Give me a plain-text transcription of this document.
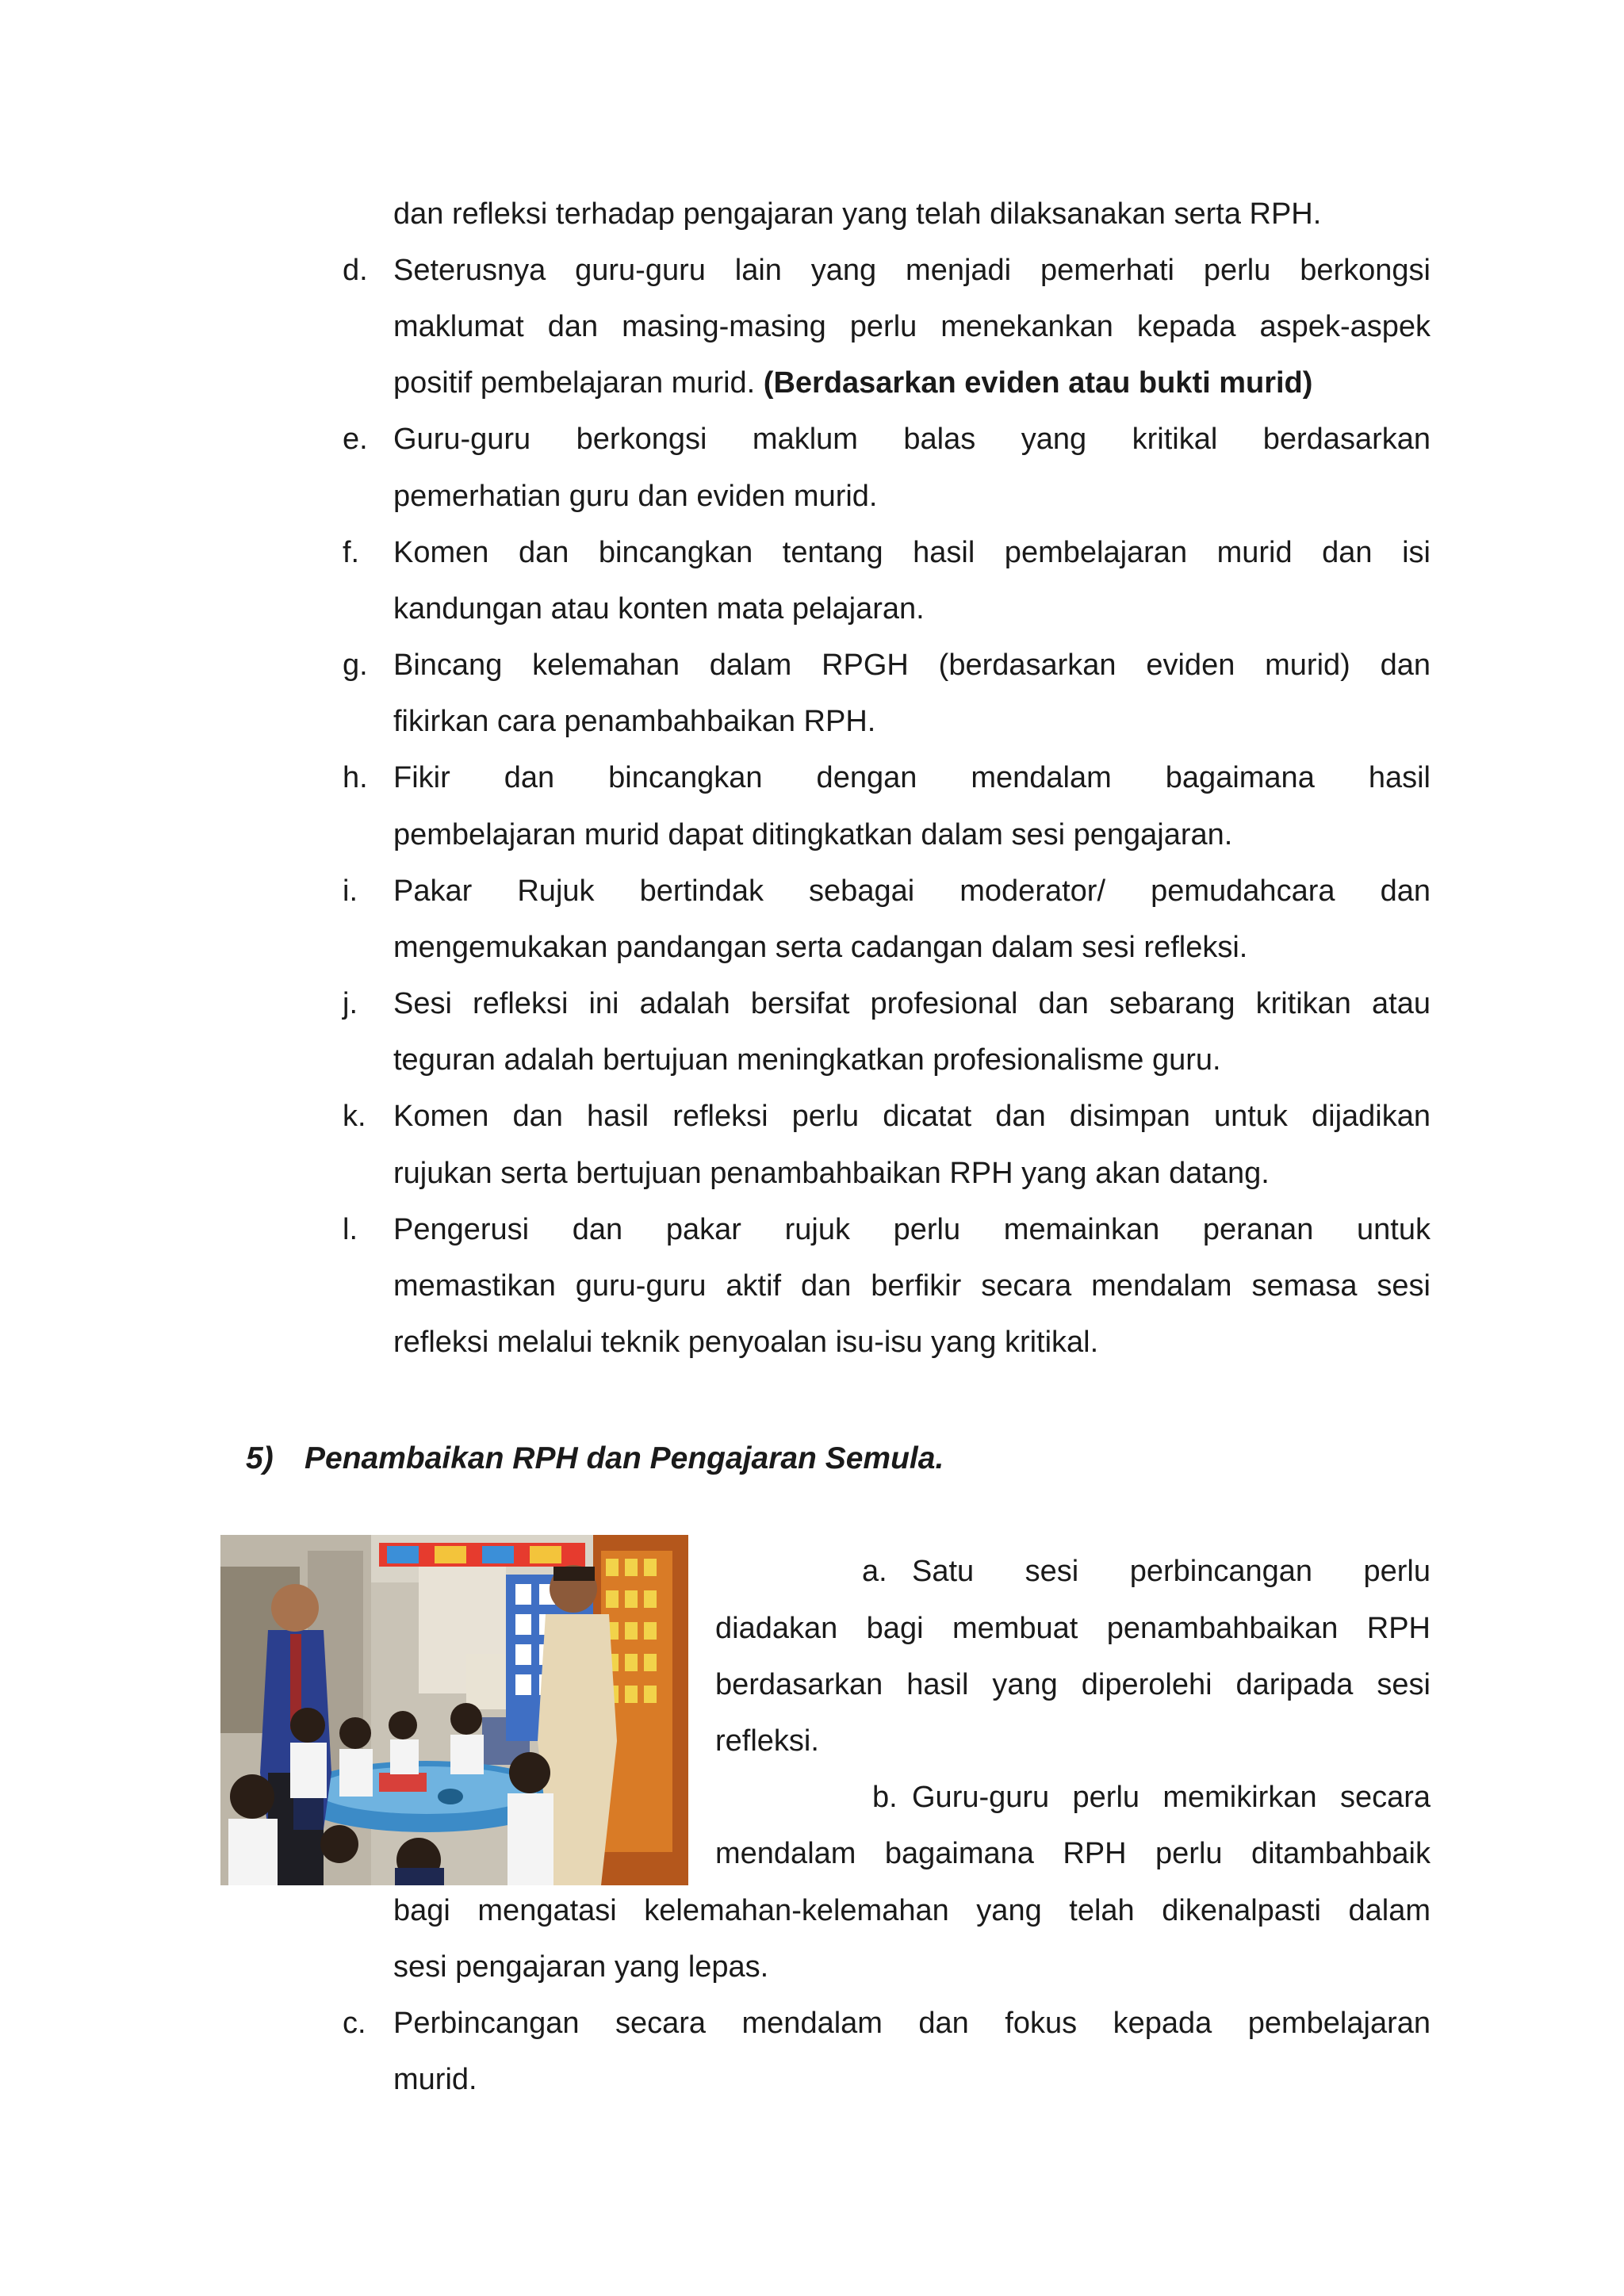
dan refleksi terhadap pengajaran yang telah dilaksanakan serta RPH.
d. Seterusnya guru-guru lain yang menjadi pemerhati perlu berkongsi
maklumat dan masing-masing perlu menekankan kepada aspek-aspek
positif pembelajaran murid. (Berdasarkan eviden atau bukti murid)
e. Guru-guru berkongsi maklum balas yang kritikal berdasarkan
pemerhatian guru dan eviden murid.
f. Komen dan bincangkan tentang hasil pembelajaran murid dan isi
kandungan atau konten mata pelajaran.
g. Bincang kelemahan dalam RPGH (berdasarkan eviden murid) dan
fikirkan cara penambahbaikan RPH.
h. Fikir dan bincangkan dengan mendalam bagaimana hasil
pembelajaran murid dapat ditingkatkan dalam sesi pengajaran.
i. Pakar Rujuk bertindak sebagai moderator/ pemudahcara dan
mengemukakan pandangan serta cadangan dalam sesi refleksi.
j. Sesi refleksi ini adalah bersifat profesional dan sebarang kritikan atau
teguran adalah bertujuan meningkatkan profesionalisme guru.
k. Komen dan hasil refleksi perlu dicatat dan disimpan untuk dijadikan
rujukan serta bertujuan penambahbaikan RPH yang akan datang.
l. Pengerusi dan pakar rujuk perlu memainkan peranan untuk
memastikan guru-guru aktif dan berfikir secara mendalam semasa sesi
refleksi melalui teknik penyoalan isu-isu yang kritikal.
5) Penambaikan RPH dan Pengajaran Semula.
a. Satu sesi perbincangan perlu
diadakan bagi membuat penambahbaikan RPH
berdasarkan hasil yang diperolehi daripada sesi
refleksi.
b. Guru-guru perlu memikirkan secara
mendalam bagaimana RPH perlu ditambahbaik
bagi mengatasi kelemahan-kelemahan yang telah dikenalpasti dalam
sesi pengajaran yang lepas.
c. Perbincangan secara mendalam dan fokus kepada pembelajaran
murid.
